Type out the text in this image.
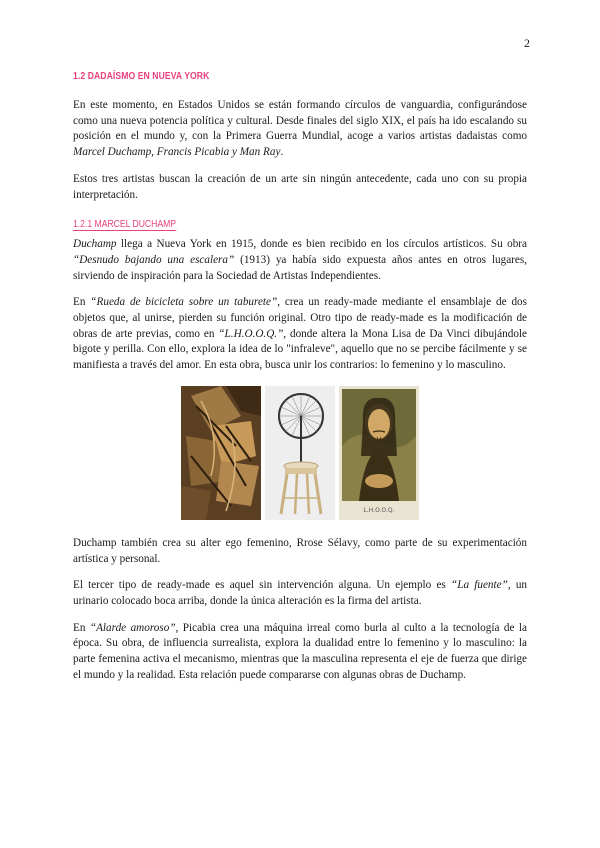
2
1.2 DADAÍSMO EN NUEVA YORK

En este momento, en Estados Unidos se están formando círculos de vanguardia, configurándose como una nueva potencia política y cultural. Desde finales del siglo XIX, el país ha ido escalando su posición en el mundo y, con la Primera Guerra Mundial, acoge a varios artistas dadaistas como Marcel Duchamp, Francis Picabia y Man Ray.

Estos tres artistas buscan la creación de un arte sin ningún antecedente, cada uno con su propia interpretación.

1.2.1 MARCEL DUCHAMP

Duchamp llega a Nueva York en 1915, donde es bien recibido en los círculos artísticos. Su obra “Desnudo bajando una escalera” (1913) ya había sido expuesta años antes en otros lugares, sirviendo de inspiración para la Sociedad de Artistas Independientes.

En “Rueda de bicicleta sobre un taburete”, crea un ready-made mediante el ensamblaje de dos objetos que, al unirse, pierden su función original. Otro tipo de ready-made es la modificación de obras de arte previas, como en “L.H.O.O.Q.”, donde altera la Mona Lisa de Da Vinci dibujándole bigote y perilla. Con ello, explora la idea de lo "infraleve", aquello que no se percibe fácilmente y se manifiesta a través del amor. En esta obra, busca unir los contrarios: lo femenino y lo masculino.

L.H.O.O.Q.

Duchamp también crea su alter ego femenino, Rrose Sélavy, como parte de su experimentación artística y personal.

El tercer tipo de ready-made es aquel sin intervención alguna. Un ejemplo es “La fuente”, un urinario colocado boca arriba, donde la única alteración es la firma del artista.

En “Alarde amoroso”, Picabia crea una máquina irreal como burla al culto a la tecnología de la época. Su obra, de influencia surrealista, explora la dualidad entre lo femenino y lo masculino: la parte femenina activa el mecanismo, mientras que la masculina representa el eje de fuerza que dirige el mundo y la realidad. Esta relación puede compararse con algunas obras de Duchamp.
